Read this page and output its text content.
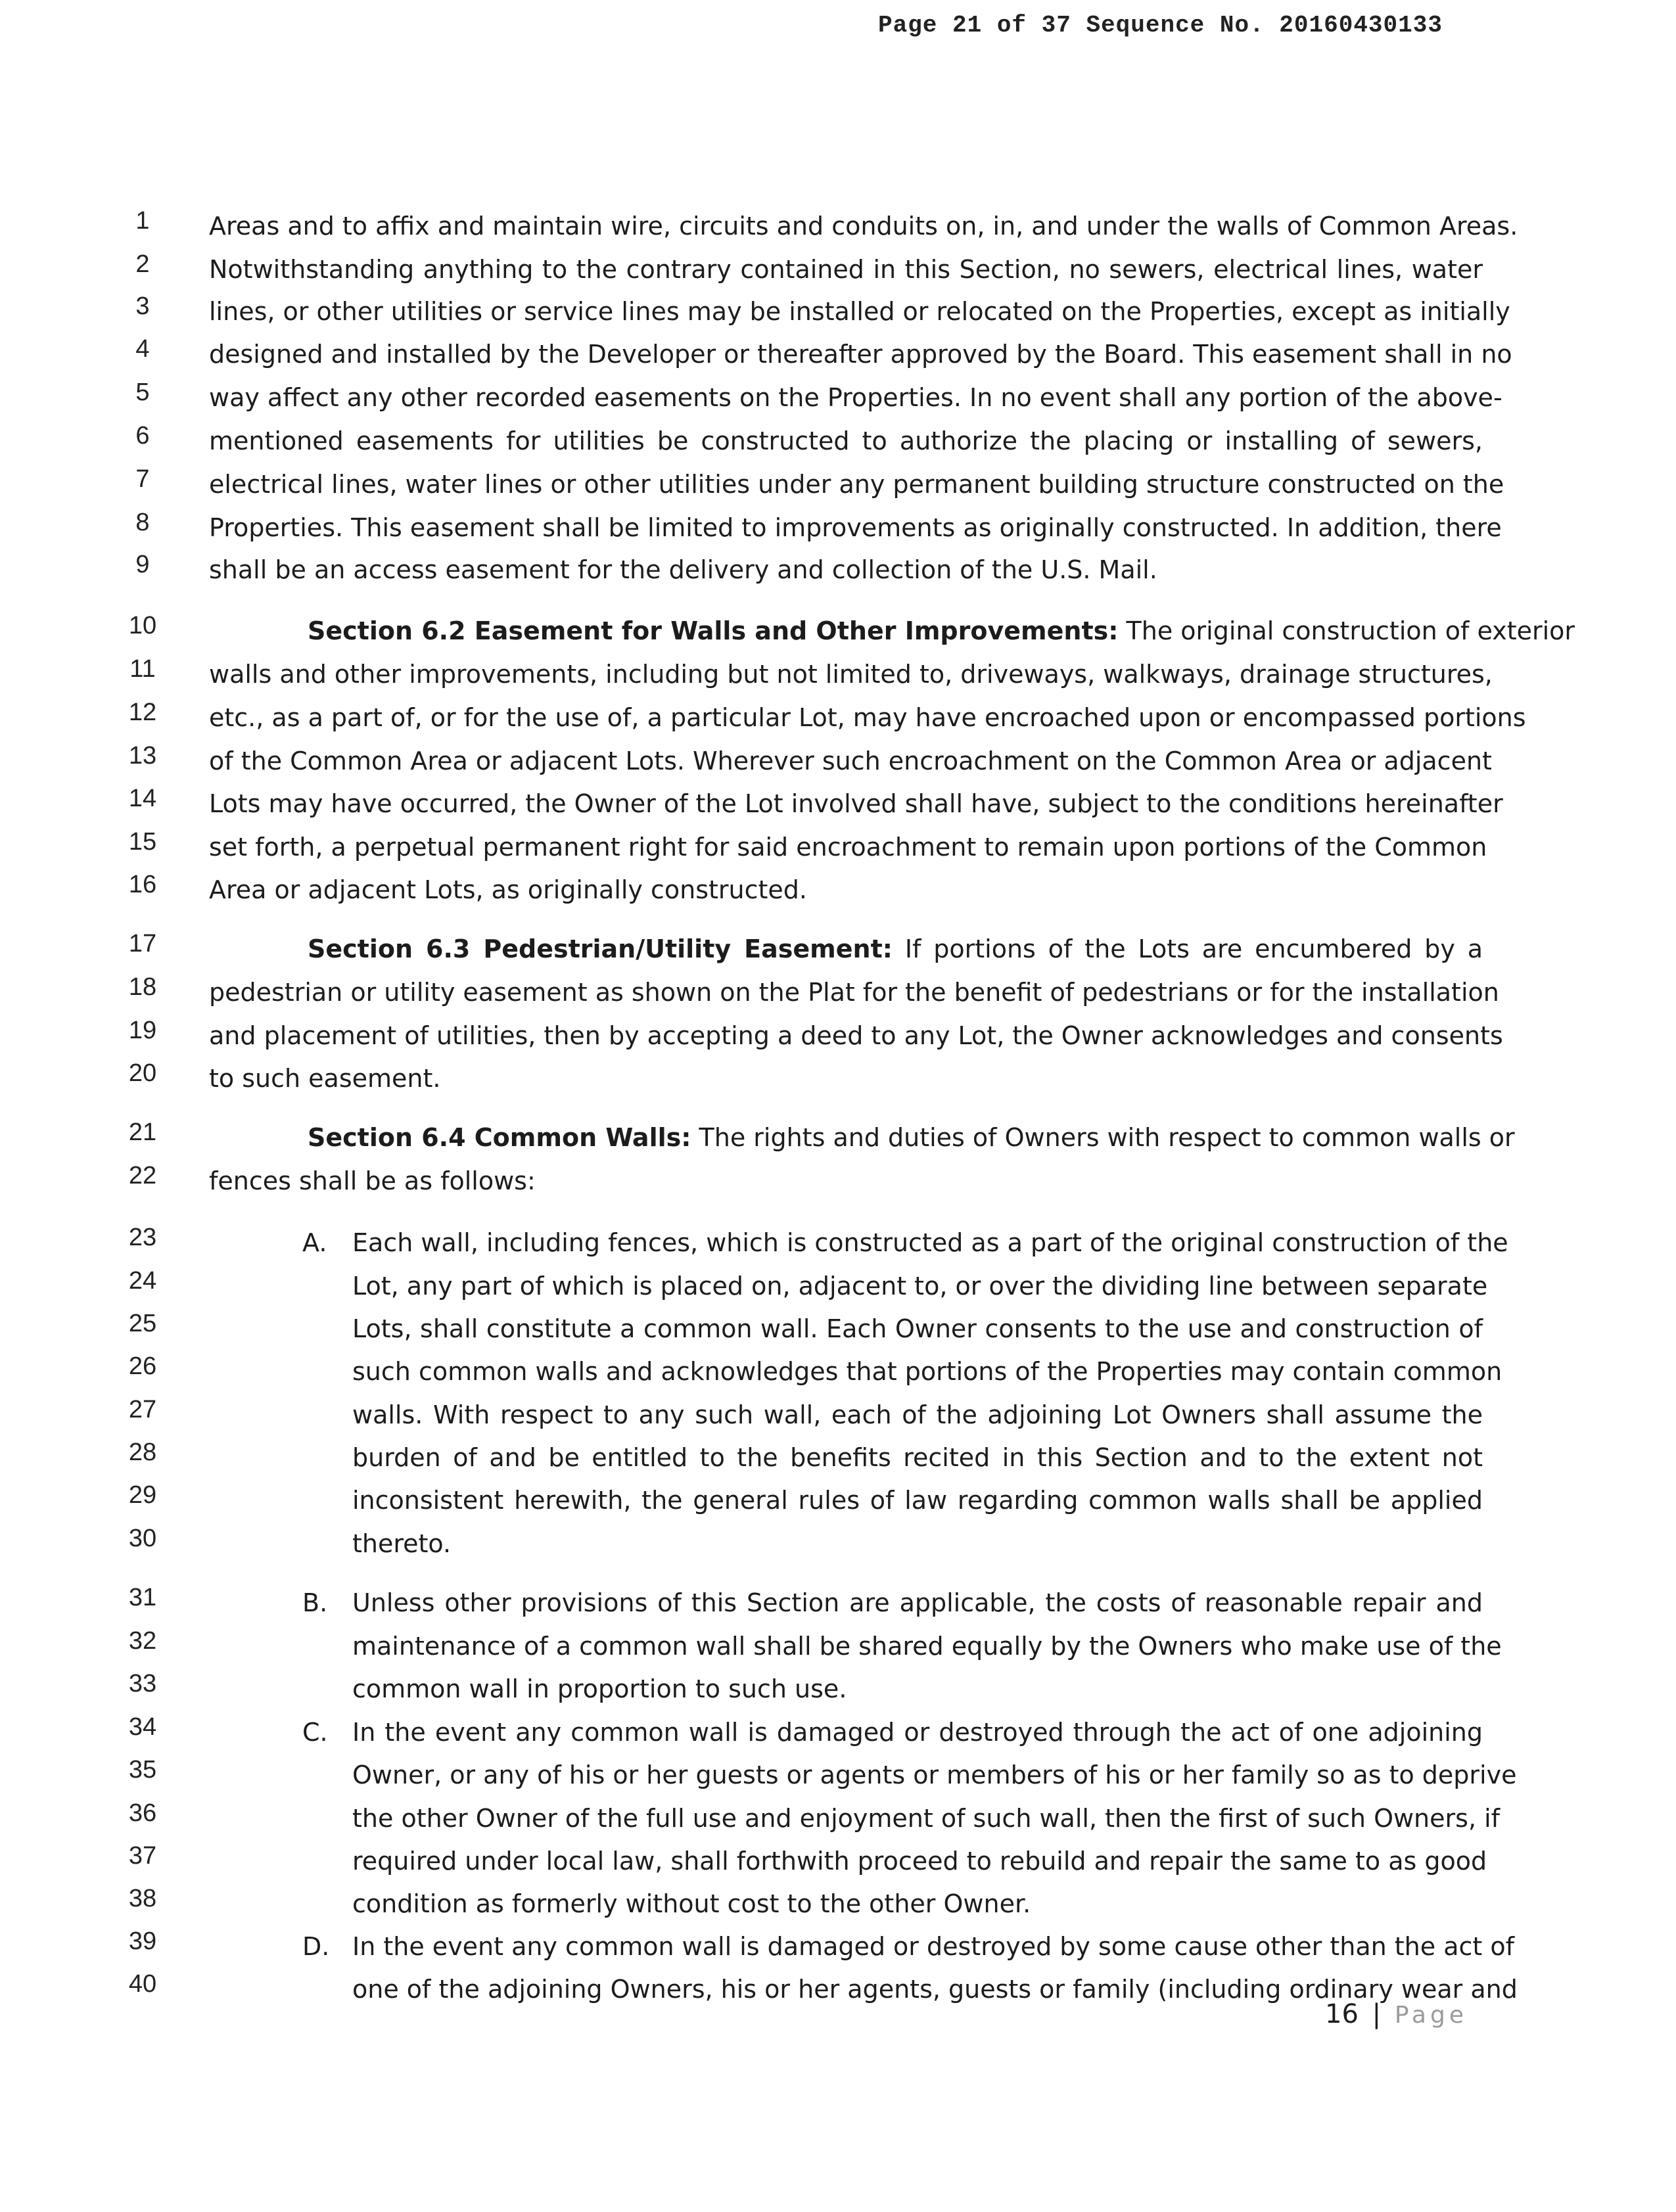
Page 21 of 37 Sequence No. 20160430133
1
2
3
4
5
6
7
8
9
10
11
12
13
14
15
16
17
18
19
20
21
22
23
24
25
26
27
28
29
30
31
32
33
34
35
36
37
38
39
40
Areas and to affix and maintain wire, circuits and conduits on, in, and under the walls of Common Areas.
Notwithstanding anything to the contrary contained in this Section, no sewers, electrical lines, water
lines, or other utilities or service lines may be installed or relocated on the Properties, except as initially
designed and installed by the Developer or thereafter approved by the Board. This easement shall in no
way affect any other recorded easements on the Properties. In no event shall any portion of the above-
mentioned easements for utilities be constructed to authorize the placing or installing of sewers,
electrical lines, water lines or other utilities under any permanent building structure constructed on the
Properties. This easement shall be limited to improvements as originally constructed. In addition, there
shall be an access easement for the delivery and collection of the U.S. Mail.
Section 6.2 Easement for Walls and Other Improvements: The original construction of exterior
walls and other improvements, including but not limited to, driveways, walkways, drainage structures,
etc., as a part of, or for the use of, a particular Lot, may have encroached upon or encompassed portions
of the Common Area or adjacent Lots. Wherever such encroachment on the Common Area or adjacent
Lots may have occurred, the Owner of the Lot involved shall have, subject to the conditions hereinafter
set forth, a perpetual permanent right for said encroachment to remain upon portions of the Common
Area or adjacent Lots, as originally constructed.
Section 6.3 Pedestrian/Utility Easement: If portions of the Lots are encumbered by a
pedestrian or utility easement as shown on the Plat for the benefit of pedestrians or for the installation
and placement of utilities, then by accepting a deed to any Lot, the Owner acknowledges and consents
to such easement.
Section 6.4 Common Walls: The rights and duties of Owners with respect to common walls or
fences shall be as follows:
A. Each wall, including fences, which is constructed as a part of the original construction of the
Lot, any part of which is placed on, adjacent to, or over the dividing line between separate
Lots, shall constitute a common wall. Each Owner consents to the use and construction of
such common walls and acknowledges that portions of the Properties may contain common
walls. With respect to any such wall, each of the adjoining Lot Owners shall assume the
burden of and be entitled to the benefits recited in this Section and to the extent not
inconsistent herewith, the general rules of law regarding common walls shall be applied
thereto.
B. Unless other provisions of this Section are applicable, the costs of reasonable repair and
maintenance of a common wall shall be shared equally by the Owners who make use of the
common wall in proportion to such use.
C. In the event any common wall is damaged or destroyed through the act of one adjoining
Owner, or any of his or her guests or agents or members of his or her family so as to deprive
the other Owner of the full use and enjoyment of such wall, then the first of such Owners, if
required under local law, shall forthwith proceed to rebuild and repair the same to as good
condition as formerly without cost to the other Owner.
D. In the event any common wall is damaged or destroyed by some cause other than the act of
one of the adjoining Owners, his or her agents, guests or family (including ordinary wear and
16 | Page
